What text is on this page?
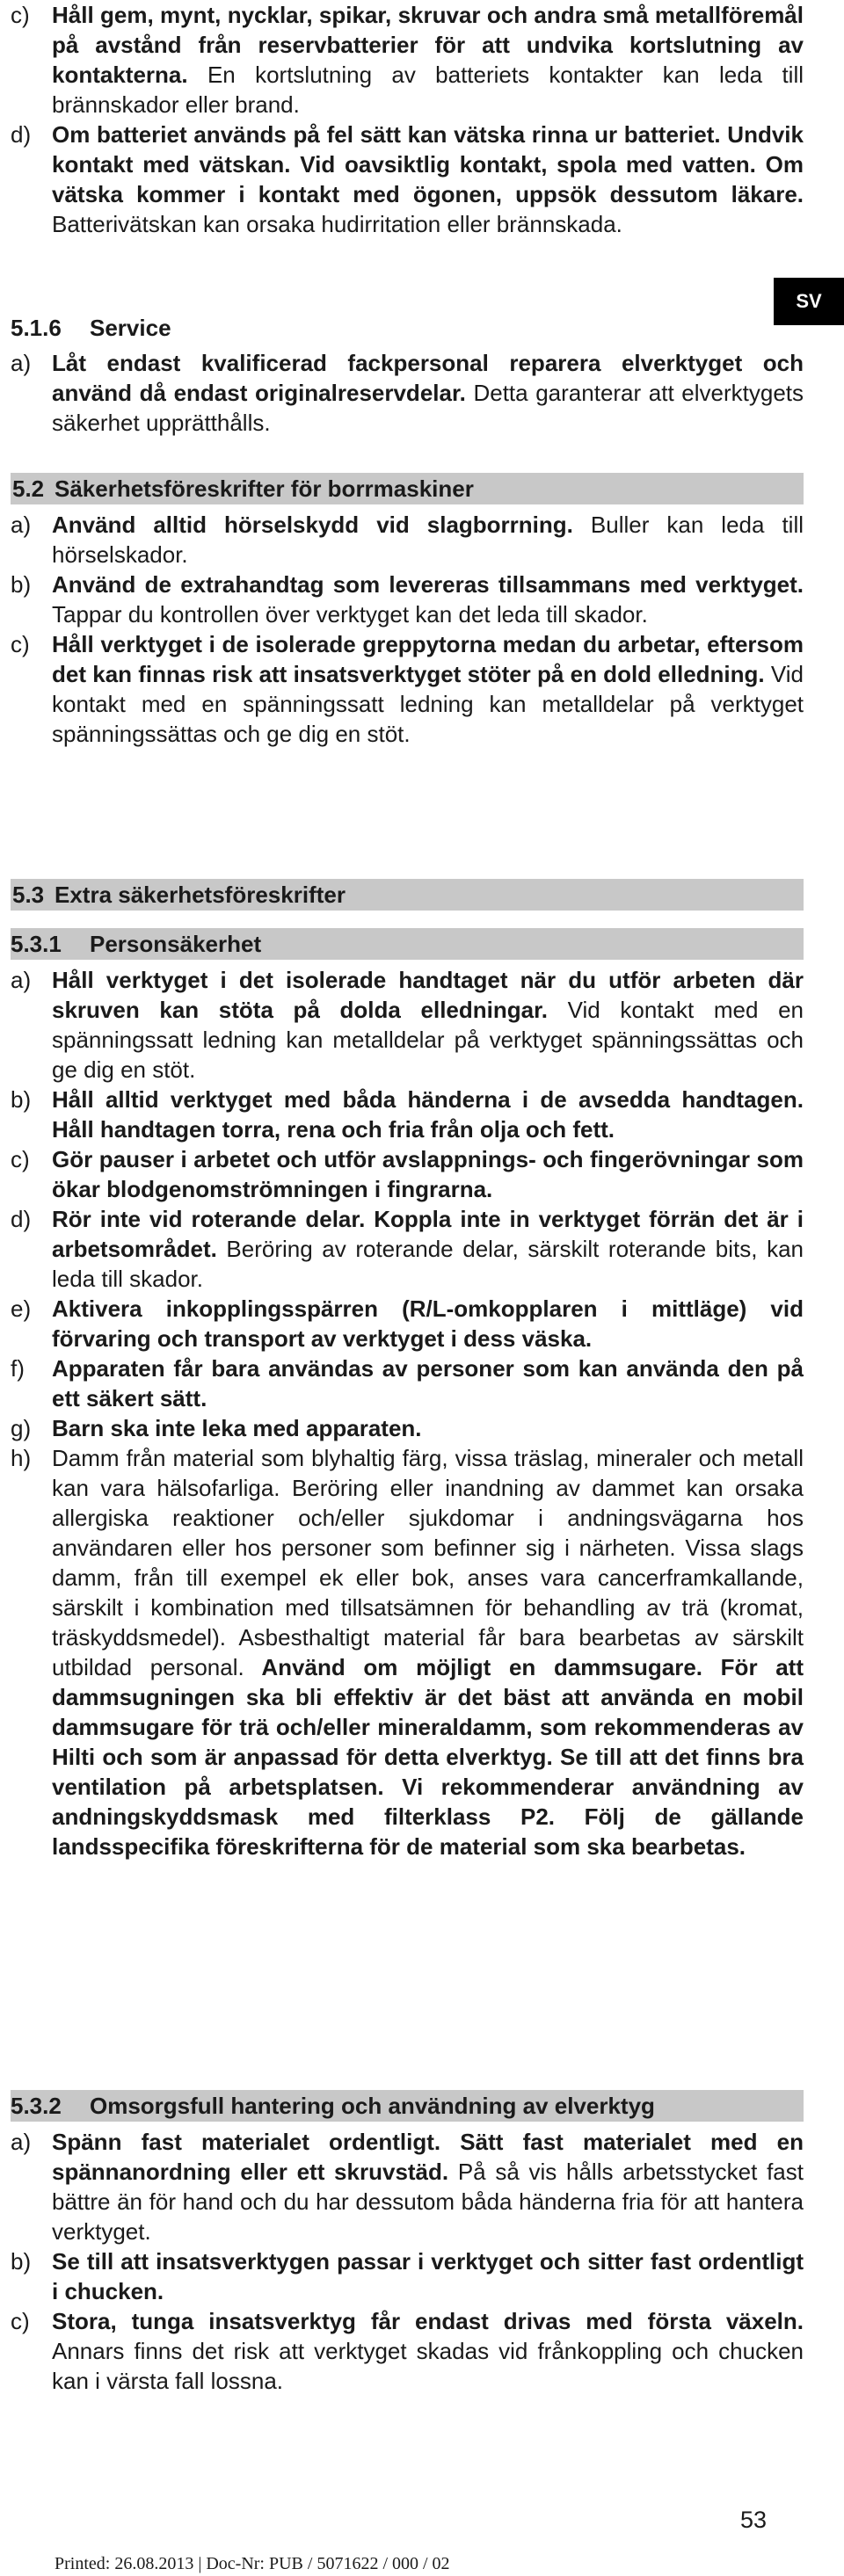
SV
c) Håll gem, mynt, nycklar, spikar, skruvar och andra små metallföremål på avstånd från reservbatterier för att undvika kortslutning av kontakterna. En kortslutning av batteriets kontakter kan leda till brännskador eller brand.
d) Om batteriet används på fel sätt kan vätska rinna ur batteriet. Undvik kontakt med vätskan. Vid oavsiktlig kontakt, spola med vatten. Om vätska kommer i kontakt med ögonen, uppsök dessutom läkare. Batterivätskan kan orsaka hudirritation eller brännskada.
5.1.6	Service
a) Låt endast kvalificerad fackpersonal reparera elverktyget och använd då endast originalreservdelar. Detta garanterar att elverktygets säkerhet upprätthålls.
5.2 Säkerhetsföreskrifter för borrmaskiner
a) Använd alltid hörselskydd vid slagborrning. Buller kan leda till hörselskador.
b) Använd de extrahandtag som levereras tillsammans med verktyget. Tappar du kontrollen över verktyget kan det leda till skador.
c) Håll verktyget i de isolerade greppytorna medan du arbetar, eftersom det kan finnas risk att insatsverktyget stöter på en dold elledning. Vid kontakt med en spänningssatt ledning kan metalldelar på verktyget spänningssättas och ge dig en stöt.
5.3 Extra säkerhetsföreskrifter
5.3.1	Personsäkerhet
a) Håll verktyget i det isolerade handtaget när du utför arbeten där skruven kan stöta på dolda elledningar. Vid kontakt med en spänningssatt ledning kan metalldelar på verktyget spänningssättas och ge dig en stöt.
b) Håll alltid verktyget med båda händerna i de avsedda handtagen. Håll handtagen torra, rena och fria från olja och fett.
c) Gör pauser i arbetet och utför avslappnings- och fingerövningar som ökar blodgenomströmningen i fingrarna.
d) Rör inte vid roterande delar. Koppla inte in verktyget förrän det är i arbetsområdet. Beröring av roterande delar, särskilt roterande bits, kan leda till skador.
e) Aktivera inkopplingsspärren (R/L-omkopplaren i mittläge) vid förvaring och transport av verktyget i dess väska.
f)	Apparaten får bara användas av personer som kan använda den på ett säkert sätt.
g) Barn ska inte leka med apparaten.
h) Damm från material som blyhaltig färg, vissa träslag, mineraler och metall kan vara hälsofarliga. Beröring eller inandning av dammet kan orsaka allergiska reaktioner och/eller sjukdomar i andningsvägarna hos användaren eller hos personer som befinner sig i närheten. Vissa slags damm, från till exempel ek eller bok, anses vara cancerframkallande, särskilt i kombination med tillsatsämnen för behandling av trä (kromat, träskyddsmedel). Asbesthaltigt material får bara bearbetas av särskilt utbildad personal. Använd om möjligt en dammsugare. För att dammsugningen ska bli effektiv är det bäst att använda en mobil dammsugare för trä och/eller mineraldamm, som rekommenderas av Hilti och som är anpassad för detta elverktyg. Se till att det finns bra ventilation på arbetsplatsen. Vi rekommenderar användning av andningskyddsmask med filterklass P2. Följ de gällande landsspecifika föreskrifterna för de material som ska bearbetas.
5.3.2	Omsorgsfull hantering och användning av elverktyg
a) Spänn fast materialet ordentligt. Sätt fast materialet med en spännanordning eller ett skruvstäd. På så vis hålls arbetsstycket fast bättre än för hand och du har dessutom båda händerna fria för att hantera verktyget.
b) Se till att insatsverktygen passar i verktyget och sitter fast ordentligt i chucken.
c) Stora, tunga insatsverktyg får endast drivas med första växeln. Annars finns det risk att verktyget skadas vid frånkoppling och chucken kan i värsta fall lossna.
53
Printed: 26.08.2013 | Doc-Nr: PUB / 5071622 / 000 / 02
